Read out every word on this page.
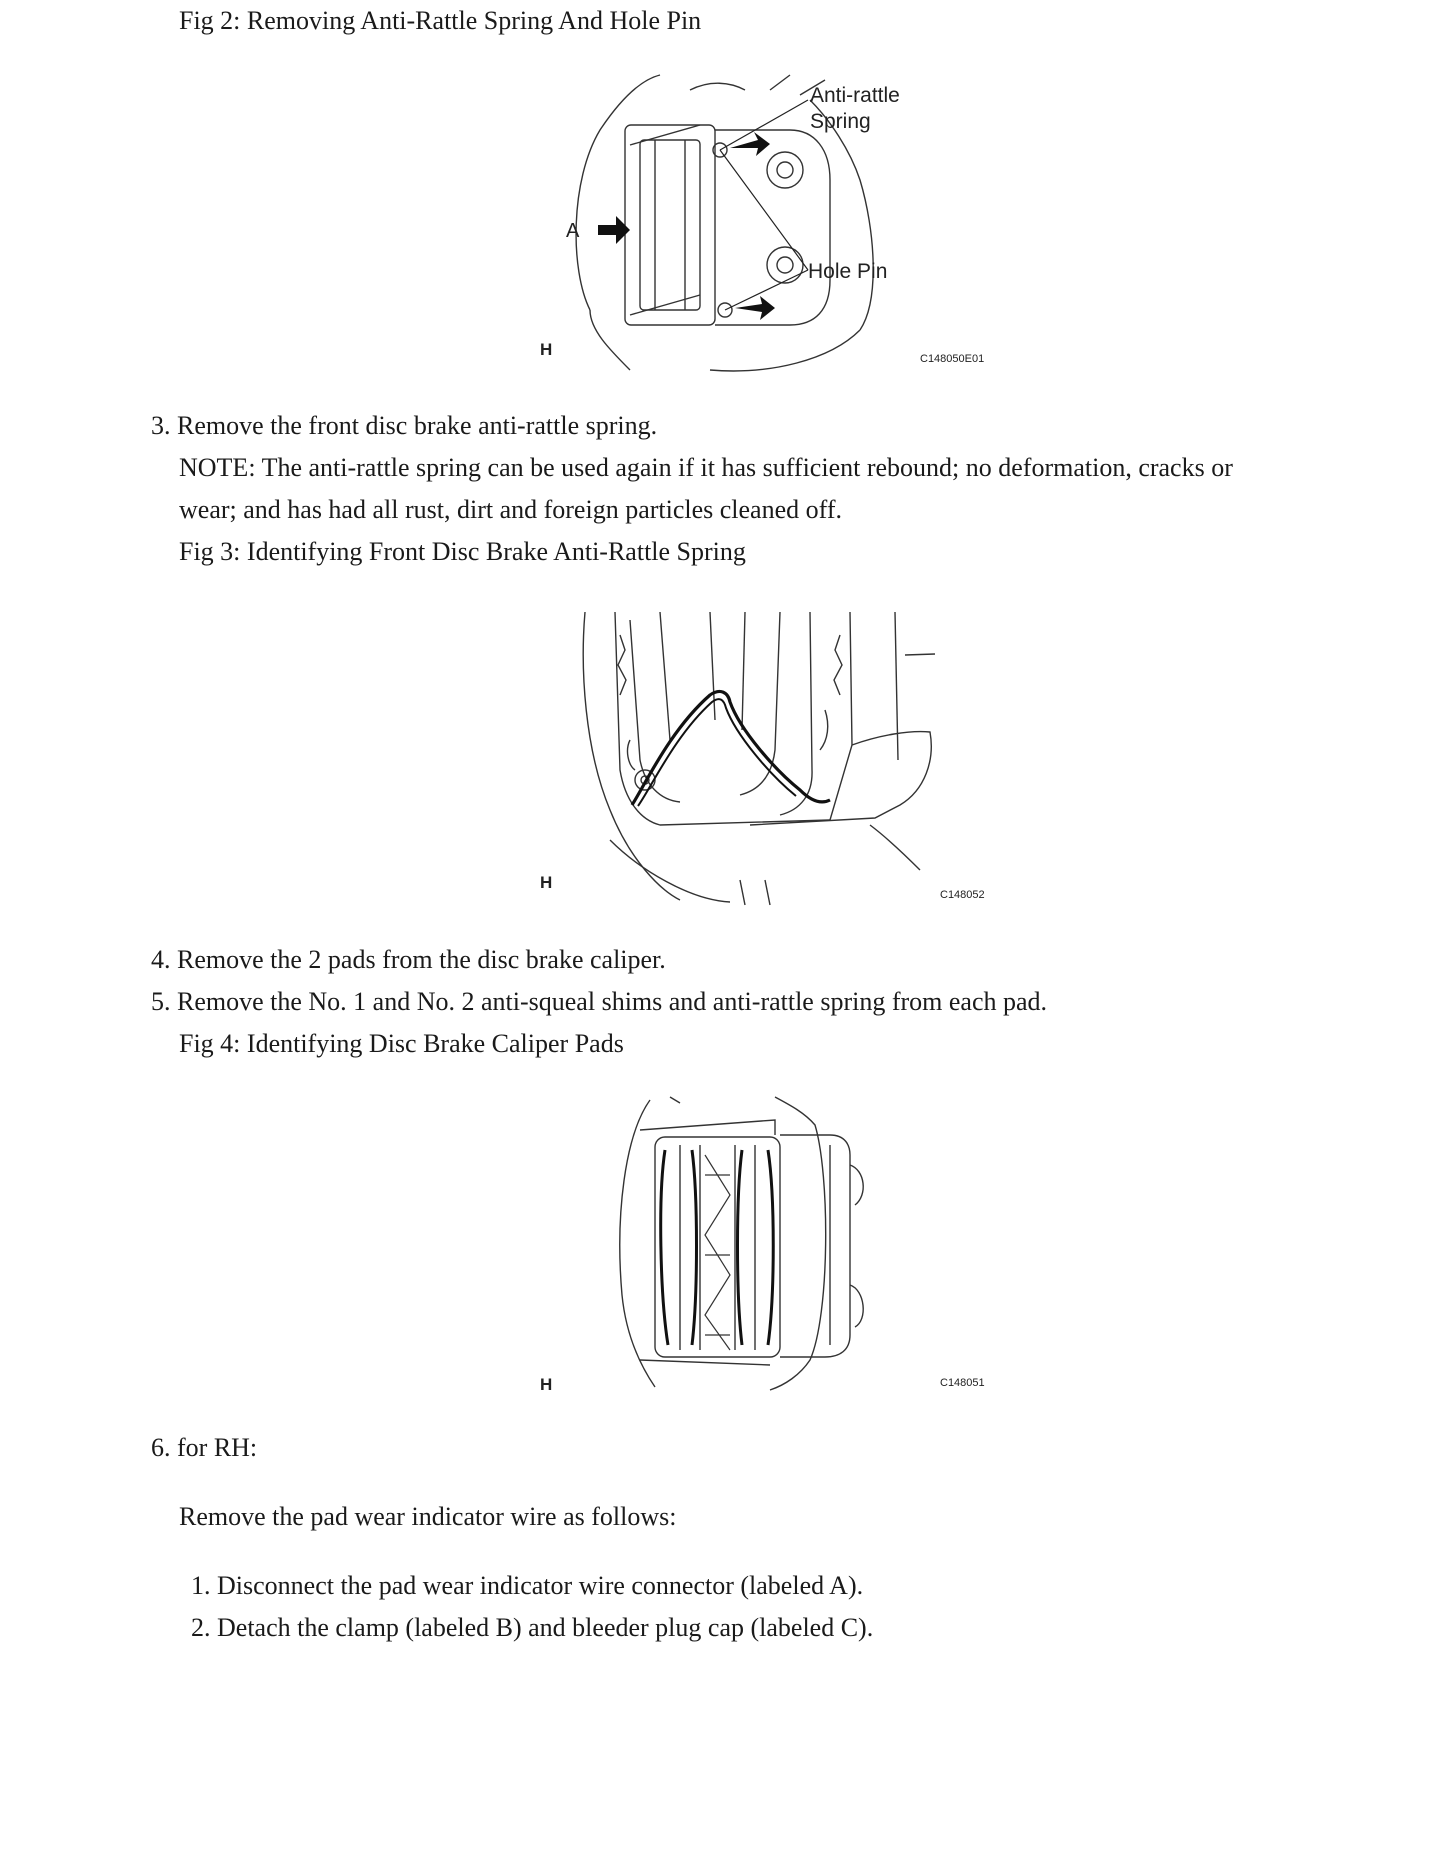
Fig 2: Removing Anti-Rattle Spring And Hole Pin
Anti-rattle
Spring
Hole Pin
A
H	C148050E01
3. Remove the front disc brake anti-rattle spring.
NOTE: The anti-rattle spring can be used again if it has sufficient rebound; no deformation, cracks or
wear; and has had all rust, dirt and foreign particles cleaned off.
Fig 3: Identifying Front Disc Brake Anti-Rattle Spring
H
C148052
4. Remove the 2 pads from the disc brake caliper.
5. Remove the No. 1 and No. 2 anti-squeal shims and anti-rattle spring from each pad.
Fig 4: Identifying Disc Brake Caliper Pads
H	C148051
6. for RH:
Remove the pad wear indicator wire as follows:
1. Disconnect the pad wear indicator wire connector (labeled A).
2. Detach the clamp (labeled B) and bleeder plug cap (labeled C).
